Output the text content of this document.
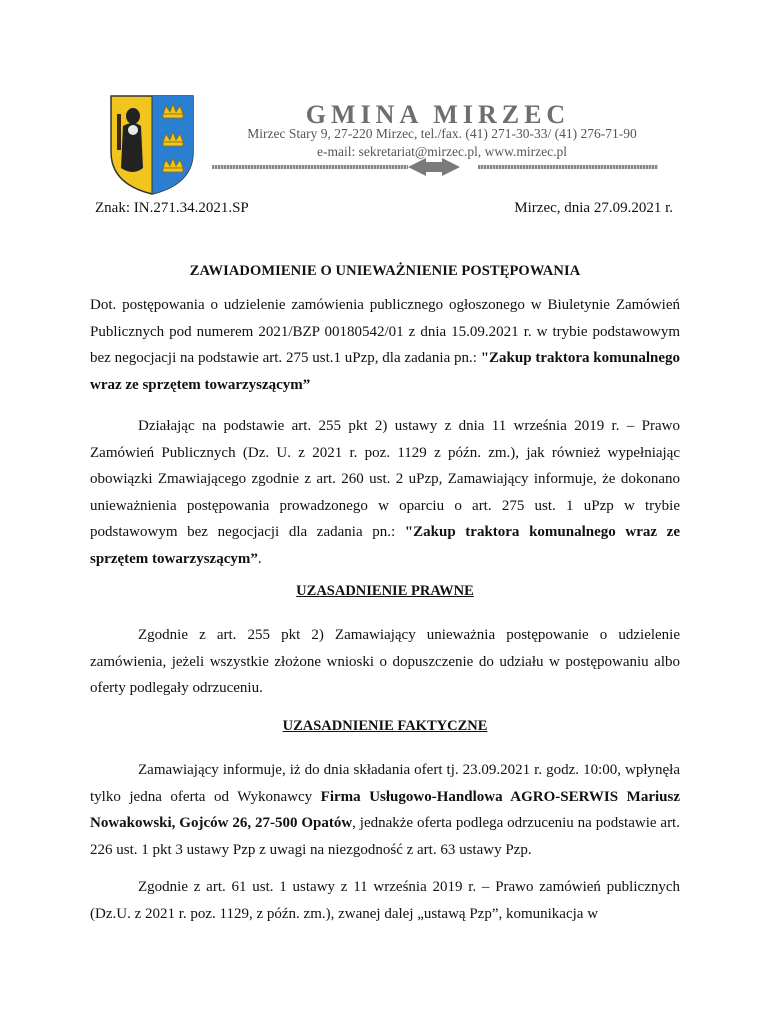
GMINA MIRZEC
Mirzec Stary 9, 27-220 Mirzec, tel./fax. (41) 271-30-33/ (41) 276-71-90
e-mail: sekretariat@mirzec.pl, www.mirzec.pl
Znak: IN.271.34.2021.SP	Mirzec, dnia 27.09.2021 r.
ZAWIADOMIENIE O UNIEWAŻNIENIE POSTĘPOWANIA

Dot. postępowania o udzielenie zamówienia publicznego ogłoszonego w Biuletynie Zamówień Publicznych pod numerem 2021/BZP 00180542/01 z dnia 15.09.2021 r. w trybie podstawowym bez negocjacji na podstawie art. 275 ust.1 uPzp, dla zadania pn.: "Zakup traktora komunalnego wraz ze sprzętem towarzyszącym”

Działając na podstawie art. 255 pkt 2) ustawy z dnia 11 września 2019 r. – Prawo Zamówień Publicznych (Dz. U. z 2021 r. poz. 1129 z późn. zm.), jak również wypełniając obowiązki Zmawiającego zgodnie z art. 260 ust. 2 uPzp, Zamawiający informuje, że dokonano unieważnienia postępowania prowadzonego w oparciu o art. 275 ust. 1 uPzp w trybie podstawowym bez negocjacji dla zadania pn.: "Zakup traktora komunalnego wraz ze sprzętem towarzyszącym”.

UZASADNIENIE PRAWNE

Zgodnie z art. 255 pkt 2) Zamawiający unieważnia postępowanie o udzielenie zamówienia, jeżeli wszystkie złożone wnioski o dopuszczenie do udziału w postępowaniu albo oferty podlegały odrzuceniu.

UZASADNIENIE FAKTYCZNE

Zamawiający informuje, iż do dnia składania ofert tj. 23.09.2021 r. godz. 10:00, wpłynęła tylko jedna oferta od Wykonawcy Firma Usługowo-Handlowa AGRO-SERWIS Mariusz Nowakowski, Gojców 26, 27-500 Opatów, jednakże oferta podlega odrzuceniu na podstawie art. 226 ust. 1 pkt 3 ustawy Pzp z uwagi na niezgodność z art. 63 ustawy Pzp.

Zgodnie z art. 61 ust. 1 ustawy z 11 września 2019 r. – Prawo zamówień publicznych (Dz.U. z 2021 r. poz. 1129, z późn. zm.), zwanej dalej „ustawą Pzp”, komunikacja w
